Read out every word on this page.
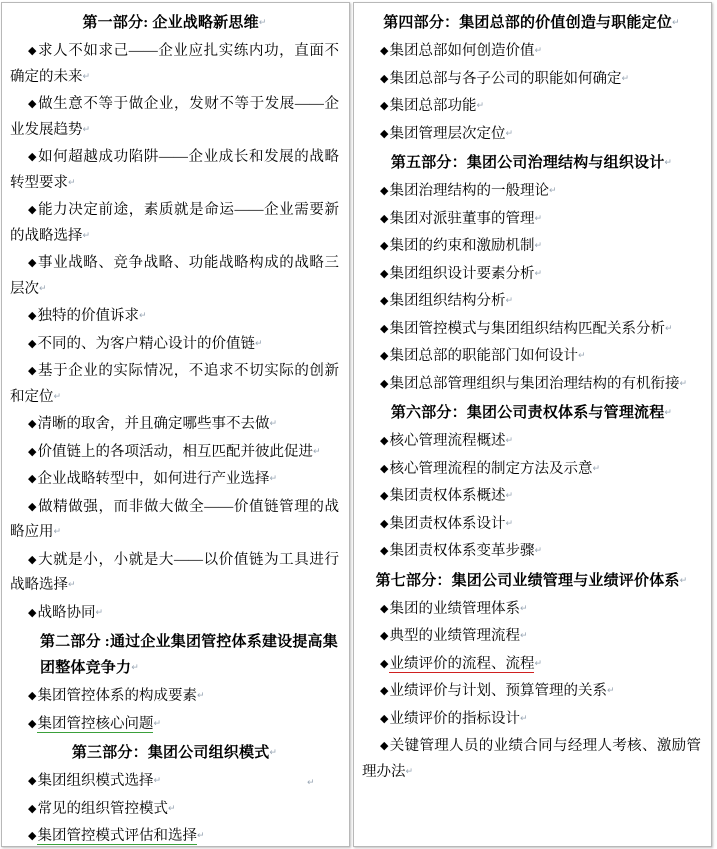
第一部分: 企业战略新思维↵
◆求人不如求己——企业应扎实练内功，直面不确定的未来↵
◆做生意不等于做企业，发财不等于发展——企业发展趋势↵
◆如何超越成功陷阱——企业成长和发展的战略转型要求↵
◆能力决定前途，素质就是命运——企业需要新的战略选择↵
◆事业战略、竞争战略、功能战略构成的战略三层次↵
◆独特的价值诉求↵
◆不同的、为客户精心设计的价值链↵
◆基于企业的实际情况，不追求不切实际的创新和定位↵
◆清晰的取舍，并且确定哪些事不去做↵
◆价值链上的各项活动，相互匹配并彼此促进↵
◆企业战略转型中，如何进行产业选择↵
◆做精做强，而非做大做全——价值链管理的战略应用↵
◆大就是小，小就是大——以价值链为工具进行战略选择↵
◆战略协同↵
第二部分 :通过企业集团管控体系建设提高集团整体竞争力↵
◆集团管控体系的构成要素↵
◆集团管控核心问题↵
第三部分：集团公司组织模式↵
◆集团组织模式选择↵
◆常见的组织管控模式↵
◆集团管控模式评估和选择↵
↵
第四部分：集团总部的价值创造与职能定位↵
◆集团总部如何创造价值↵
◆集团总部与各子公司的职能如何确定↵
◆集团总部功能↵
◆集团管理层次定位↵
第五部分：集团公司治理结构与组织设计↵
◆集团治理结构的一般理论↵
◆集团对派驻董事的管理↵
◆集团的约束和激励机制↵
◆集团组织设计要素分析↵
◆集团组织结构分析↵
◆集团管控模式与集团组织结构匹配关系分析↵
◆集团总部的职能部门如何设计↵
◆集团总部管理组织与集团治理结构的有机衔接↵
第六部分：集团公司责权体系与管理流程↵
◆核心管理流程概述↵
◆核心管理流程的制定方法及示意↵
◆集团责权体系概述↵
◆集团责权体系设计↵
◆集团责权体系变革步骤↵
第七部分：集团公司业绩管理与业绩评价体系↵
◆集团的业绩管理体系↵
◆典型的业绩管理流程↵
◆业绩评价的流程、流程↵
◆业绩评价与计划、预算管理的关系↵
◆业绩评价的指标设计↵
◆关键管理人员的业绩合同与经理人考核、激励管理办法↵
